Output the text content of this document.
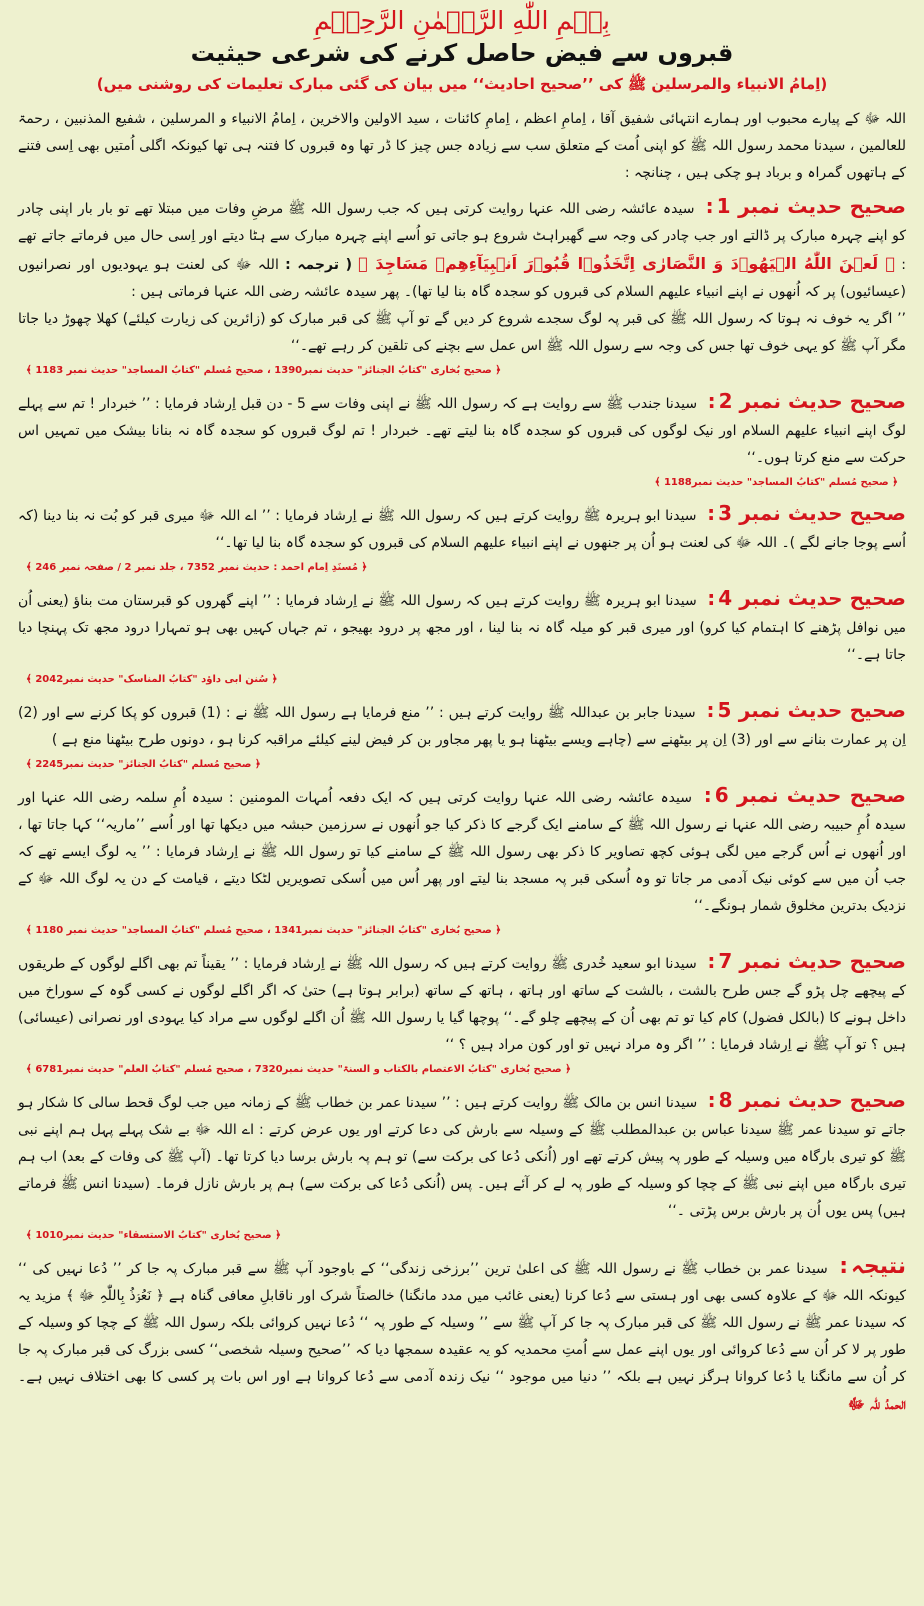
بِسۡمِ اللّٰهِ الرَّحۡمٰنِ الرَّحِيۡمِ
قبروں سے فیض حاصل کرنے کی شرعی حیثیت
(اِمامُ الانبیاء والمرسلین ﷺ کی ’’صحیح احادیث‘‘ میں بیان کی گئی مبارک تعلیمات کی روشنی میں)

اللہ ﷻ کے پیارے محبوب اور ہمارے انتہائی شفیق آقا ، اِمامِ اعظم ، اِمامِ کائنات ، سید الاولین والاخرین ، اِمامُ الانبیاء و المرسلین ، شفیع المذنبین ، رحمۃ للعالمین ، سیدنا محمد رسول اللہ ﷺ کو اپنی اُمت کے متعلق سب سے زیادہ جس چیز کا ڈر تھا وہ قبروں کا فتنہ ہی تھا کیونکہ اگلی اُمتیں بھی اِسی فتنے کے ہاتھوں گمراہ و برباد ہو چکی ہیں ، چنانچہ :

صحیح حدیث نمبر 1: سیدہ عائشہ رضی اللہ عنہا روایت کرتی ہیں کہ جب رسول اللہ ﷺ مرضِ وفات میں مبتلا تھے تو بار بار اپنی چادر کو اپنے چہرہ مبارک پر ڈالتے اور جب چادر کی وجہ سے گھبراہٹ شروع ہو جاتی تو اُسے اپنے چہرہ مبارک سے ہٹا دیتے اور اِسی حال میں فرماتے جاتے تھے : ﴿ لَعۡنَ اللّٰهُ الۡيَهُوۡدَ وَ النَّصَارٰى اِتَّخَذُوۡا قُبُوۡرَ اَنۡبِيَآءِهِمۡ مَسَاجِدَ ﴾ ( ترجمہ : اللہ ﷻ کی لعنت ہو یہودیوں اور نصرانیوں (عیسائیوں) پر کہ اُنھوں نے اپنے انبیاء علیھم السلام کی قبروں کو سجدہ گاہ بنا لیا تھا)۔ پھر سیدہ عائشہ رضی اللہ عنہا فرماتی ہیں :

’’ اگر یہ خوف نہ ہوتا کہ رسول اللہ ﷺ کی قبر پہ لوگ سجدے شروع کر دیں گے تو آپ ﷺ کی قبر مبارک کو (زائرین کی زیارت کیلئے) کھلا چھوڑ دیا جاتا مگر آپ ﷺ کو یہی خوف تھا جس کی وجہ سے رسول اللہ ﷺ اس عمل سے بچنے کی تلقین کر رہے تھے۔‘‘

﴿ صحیح بُخاری "کتابُ الجنائز" حدیث نمبر1390 ، صحیح مُسلم "کتابُ المساجد" حدیث نمبر 1183 ﴾

صحیح حدیث نمبر 2: سیدنا جندب ﷺ سے روایت ہے کہ رسول اللہ ﷺ نے اپنی وفات سے 5 - دن قبل اِرشاد فرمایا : ’’ خبردار ! تم سے پہلے لوگ اپنے انبیاء علیھم السلام اور نیک لوگوں کی قبروں کو سجدہ گاہ بنا لیتے تھے۔ خبردار ! تم لوگ قبروں کو سجدہ گاہ نہ بنانا بیشک میں تمہیں اس حرکت سے منع کرتا ہوں۔‘‘

﴿ صحیح مُسلم "کتابُ المساجد" حدیث نمبر1188 ﴾

صحیح حدیث نمبر 3: سیدنا ابو ہریرہ ﷺ روایت کرتے ہیں کہ رسول اللہ ﷺ نے اِرشاد فرمایا : ’’ اے اللہ ﷻ میری قبر کو بُت نہ بنا دینا (کہ اُسے پوجا جانے لگے )۔ اللہ ﷻ کی لعنت ہو اُن پر جنھوں نے اپنے انبیاء علیھم السلام کی قبروں کو سجدہ گاہ بنا لیا تھا۔‘‘

﴿ مُسنَدِ اِمام احمد : حدیث نمبر 7352 ، جلد نمبر 2 / صفحہ نمبر 246 ﴾

صحیح حدیث نمبر 4: سیدنا ابو ہریرہ ﷺ روایت کرتے ہیں کہ رسول اللہ ﷺ نے اِرشاد فرمایا : ’’ اپنے گھروں کو قبرستان مت بناؤ (یعنی اُن میں نوافل پڑھنے کا اہتمام کیا کرو) اور میری قبر کو میلہ گاہ نہ بنا لینا ، اور مجھ پر درود بھیجو ، تم جہاں کہیں بھی ہو تمہارا درود مجھ تک پہنچا دیا جاتا ہے۔‘‘

﴿ سُنن ابی داؤد "کتابُ المناسک" حدیث نمبر2042 ﴾

صحیح حدیث نمبر 5: سیدنا جابر بن عبداللہ ﷺ روایت کرتے ہیں : ’’ منع فرمایا ہے رسول اللہ ﷺ نے : (1) قبروں کو پکا کرنے سے اور (2) اِن پر عمارت بنانے سے اور (3) اِن پر بیٹھنے سے (چاہے ویسے بیٹھنا ہو یا پھر مجاور بن کر فیض لینے کیلئے مراقبہ کرنا ہو ، دونوں طرح بیٹھنا منع ہے )

﴿ صحیح مُسلم "کتابُ الجنائز" حدیث نمبر2245 ﴾

صحیح حدیث نمبر 6: سیدہ عائشہ رضی اللہ عنہا روایت کرتی ہیں کہ ایک دفعہ اُمہات المومنین : سیدہ اُمِ سلمہ رضی اللہ عنہا اور سیدہ اُمِ حبیبہ رضی اللہ عنہا نے رسول اللہ ﷺ کے سامنے ایک گرجے کا ذکر کیا جو اُنھوں نے سرزمین حبشہ میں دیکھا تھا اور اُسے ’’ماریہ‘‘ کہا جاتا تھا ، اور اُنھوں نے اُس گرجے میں لگی ہوئی کچھ تصاویر کا ذکر بھی رسول اللہ ﷺ کے سامنے کیا تو رسول اللہ ﷺ نے اِرشاد فرمایا : ’’ یہ لوگ ایسے تھے کہ جب اُن میں سے کوئی نیک آدمی مر جاتا تو وہ اُسکی قبر پہ مسجد بنا لیتے اور پھر اُس میں اُسکی تصویریں لٹکا دیتے ، قیامت کے دن یہ لوگ اللہ ﷻ کے نزدیک بدترین مخلوق شمار ہونگے۔‘‘

﴿ صحیح بُخاری "کتابُ الجنائز" حدیث نمبر1341 ، صحیح مُسلم "کتابُ المساجد" حدیث نمبر 1180 ﴾

صحیح حدیث نمبر 7: سیدنا ابو سعید خُدری ﷺ روایت کرتے ہیں کہ رسول اللہ ﷺ نے اِرشاد فرمایا : ’’ یقیناً تم بھی اگلے لوگوں کے طریقوں کے پیچھے چل پڑو گے جس طرح بالشت ، بالشت کے ساتھ اور ہاتھ ، ہاتھ کے ساتھ (برابر ہوتا ہے) حتیٰ کہ اگر اگلے لوگوں نے کسی گوہ کے سوراخ میں داخل ہونے کا (بالکل فضول) کام کیا تو تم بھی اُن کے پیچھے چلو گے۔‘‘ پوچھا گیا یا رسول اللہ ﷺ اُن اگلے لوگوں سے مراد کیا یہودی اور نصرانی (عیسائی) ہیں ؟ تو آپ ﷺ نے اِرشاد فرمایا : ’’ اگر وہ مراد نہیں تو اور کون مراد ہیں ؟ ‘‘

﴿ صحیح بُخاری "کتابُ الاعتصام بالکتاب و السنۃ" حدیث نمبر7320 ، صحیح مُسلم "کتابُ العلم" حدیث نمبر6781 ﴾

صحیح حدیث نمبر 8: سیدنا انس بن مالک ﷺ روایت کرتے ہیں : ’’ سیدنا عمر بن خطاب ﷺ کے زمانہ میں جب لوگ قحط سالی کا شکار ہو جاتے تو سیدنا عمر ﷺ سیدنا عباس بن عبدالمطلب ﷺ کے وسیلہ سے بارش کی دعا کرتے اور یوں عرض کرتے : اے اللہ ﷻ بے شک پہلے پہل ہم اپنے نبی ﷺ کو تیری بارگاہ میں وسیلہ کے طور پہ پیش کرتے تھے اور (اُنکی دُعا کی برکت سے) تو ہم پہ بارش برسا دیا کرتا تھا۔ (آپ ﷺ کی وفات کے بعد) اب ہم تیری بارگاہ میں اپنے نبی ﷺ کے چچا کو وسیلہ کے طور پہ لے کر آئے ہیں۔ پس (اُنکی دُعا کی برکت سے) ہم پر بارش نازل فرما۔ (سیدنا انس ﷺ فرماتے ہیں) پس یوں اُن پر بارش برس پڑتی ۔‘‘

﴿ صحیح بُخاری "کتابُ الاستسقاء" حدیث نمبر1010 ﴾

نتیجہ: سیدنا عمر بن خطاب ﷺ نے رسول اللہ ﷺ کی اعلیٰ ترین ’’برزخی زندگی‘‘ کے باوجود آپ ﷺ سے قبر مبارک پہ جا کر ’’ دُعا نہیں کی ‘‘ کیونکہ اللہ ﷻ کے علاوہ کسی بھی اور ہستی سے دُعا کرنا (یعنی غائب میں مدد مانگنا) خالصتاً شرک اور ناقابلِ معافی گناہ ہے ﴿ نَعُوۡذُ بِاللّٰہِ ﷻ ﴾ مزید یہ کہ سیدنا عمر ﷺ نے رسول اللہ ﷺ کی قبر مبارک پہ جا کر آپ ﷺ سے ’’ وسیلہ کے طور پہ ‘‘ دُعا نہیں کروائی بلکہ رسول اللہ ﷺ کے چچا کو وسیلہ کے طور پر لا کر اُن سے دُعا کروائی اور یوں اپنے عمل سے اُمتِ محمدیہ کو یہ عقیدہ سمجھا دیا کہ ’’صحیح وسیلہ شخصی‘‘ کسی بزرگ کی قبر مبارک پہ جا کر اُن سے مانگنا یا دُعا کروانا ہرگز نہیں ہے بلکہ ’’ دنیا میں موجود ‘‘ نیک زندہ آدمی سے دُعا کروانا ہے اور اس بات پر کسی کا بھی اختلاف نہیں ہے۔ الحمدُ للّٰہ ﷻ
